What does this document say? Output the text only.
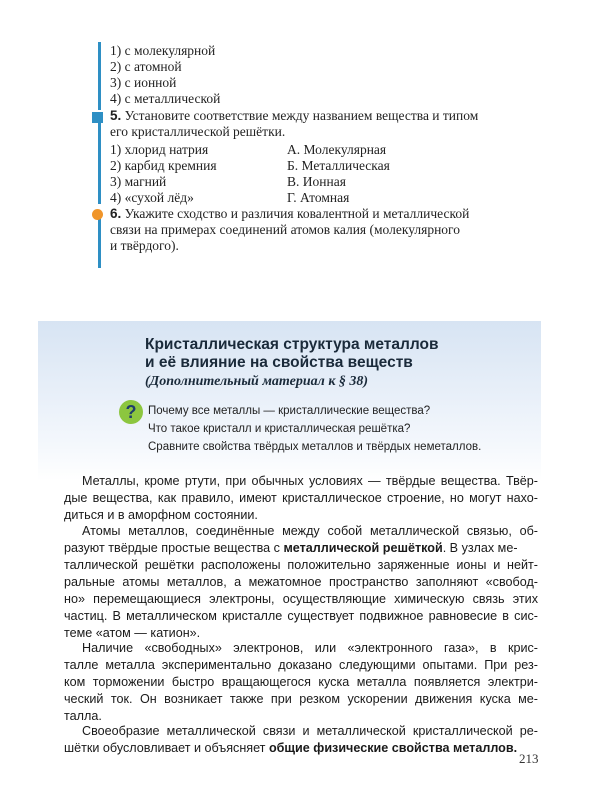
1) с молекулярной
2) с атомной
3) с ионной
4) с металлической
5. Установите соответствие между названием вещества и типом
его кристаллической решётки.
1) хлорид натрия
2) карбид кремния
3) магний
4) «сухой лёд»
А. Молекулярная
Б. Металлическая
В. Ионная
Г. Атомная
6. Укажите сходство и различия ковалентной и металлической
связи на примерах соединений атомов калия (молекулярного
и твёрдого).
Кристаллическая структура металлов
и её влияние на свойства веществ
(Дополнительный материал к § 38)
?	Почему все металлы — кристаллические вещества?
Что такое кристалл и кристаллическая решётка?
Сравните свойства твёрдых металлов и твёрдых неметаллов.
Металлы, кроме ртути, при обычных условиях — твёрдые вещества. Твёр-
дые вещества, как правило, имеют кристаллическое строение, но могут нахо-
диться и в аморфном состоянии.
Атомы металлов, соединённые между собой металлической связью, об-
разуют твёрдые простые вещества с металлической решёткой. В узлах ме-
таллической решётки расположены положительно заряженные ионы и нейт-
ральные атомы металлов, а межатомное пространство заполняют «свобод-
но» перемещающиеся электроны, осуществляющие химическую связь этих
частиц. В металлическом кристалле существует подвижное равновесие в сис-
теме «атом — катион».
Наличие «свободных» электронов, или «электронного газа», в крис-
талле металла экспериментально доказано следующими опытами. При рез-
ком торможении быстро вращающегося куска металла появляется электри-
ческий ток. Он возникает также при резком ускорении движения куска ме-
талла.
Своеобразие металлической связи и металлической кристаллической ре-
шётки обусловливает и объясняет общие физические свойства металлов.
213
